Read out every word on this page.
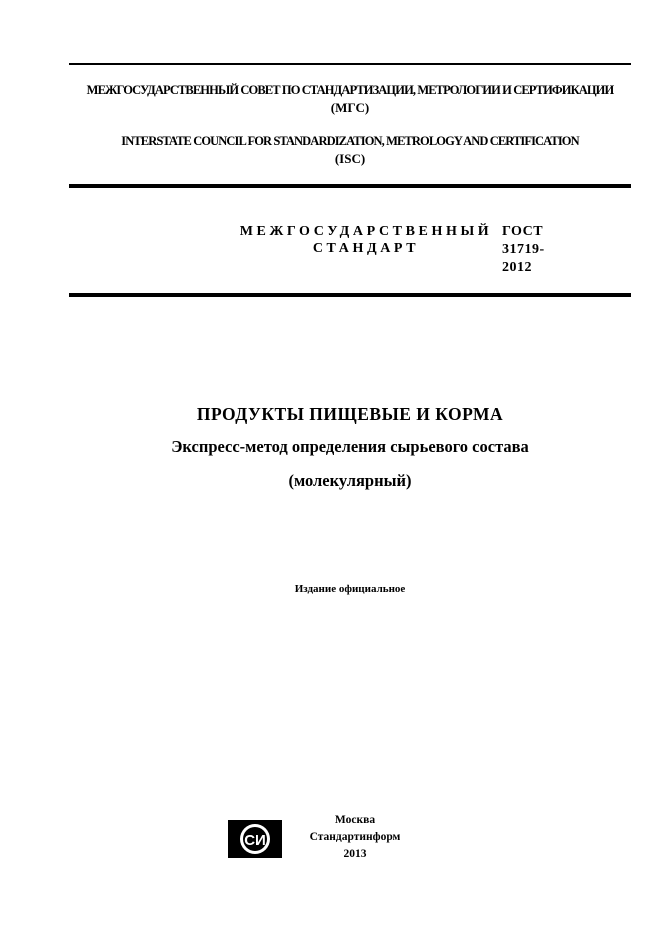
МЕЖГОСУДАРСТВЕННЫЙ СОВЕТ ПО СТАНДАРТИЗАЦИИ, МЕТРОЛОГИИ И СЕРТИФИКАЦИИ
(МГС)
INTERSTATE COUNCIL FOR STANDARDIZATION, METROLOGY AND CERTIFICATION
(ISC)
МЕЖГОСУДАРСТВЕННЫЙ
СТАНДАРТ
ГОСТ
31719-
2012
ПРОДУКТЫ ПИЩЕВЫЕ И КОРМА
Экспресс-метод определения сырьевого состава
(молекулярный)
Издание официальное
СИ
Москва
Стандартинформ
2013
